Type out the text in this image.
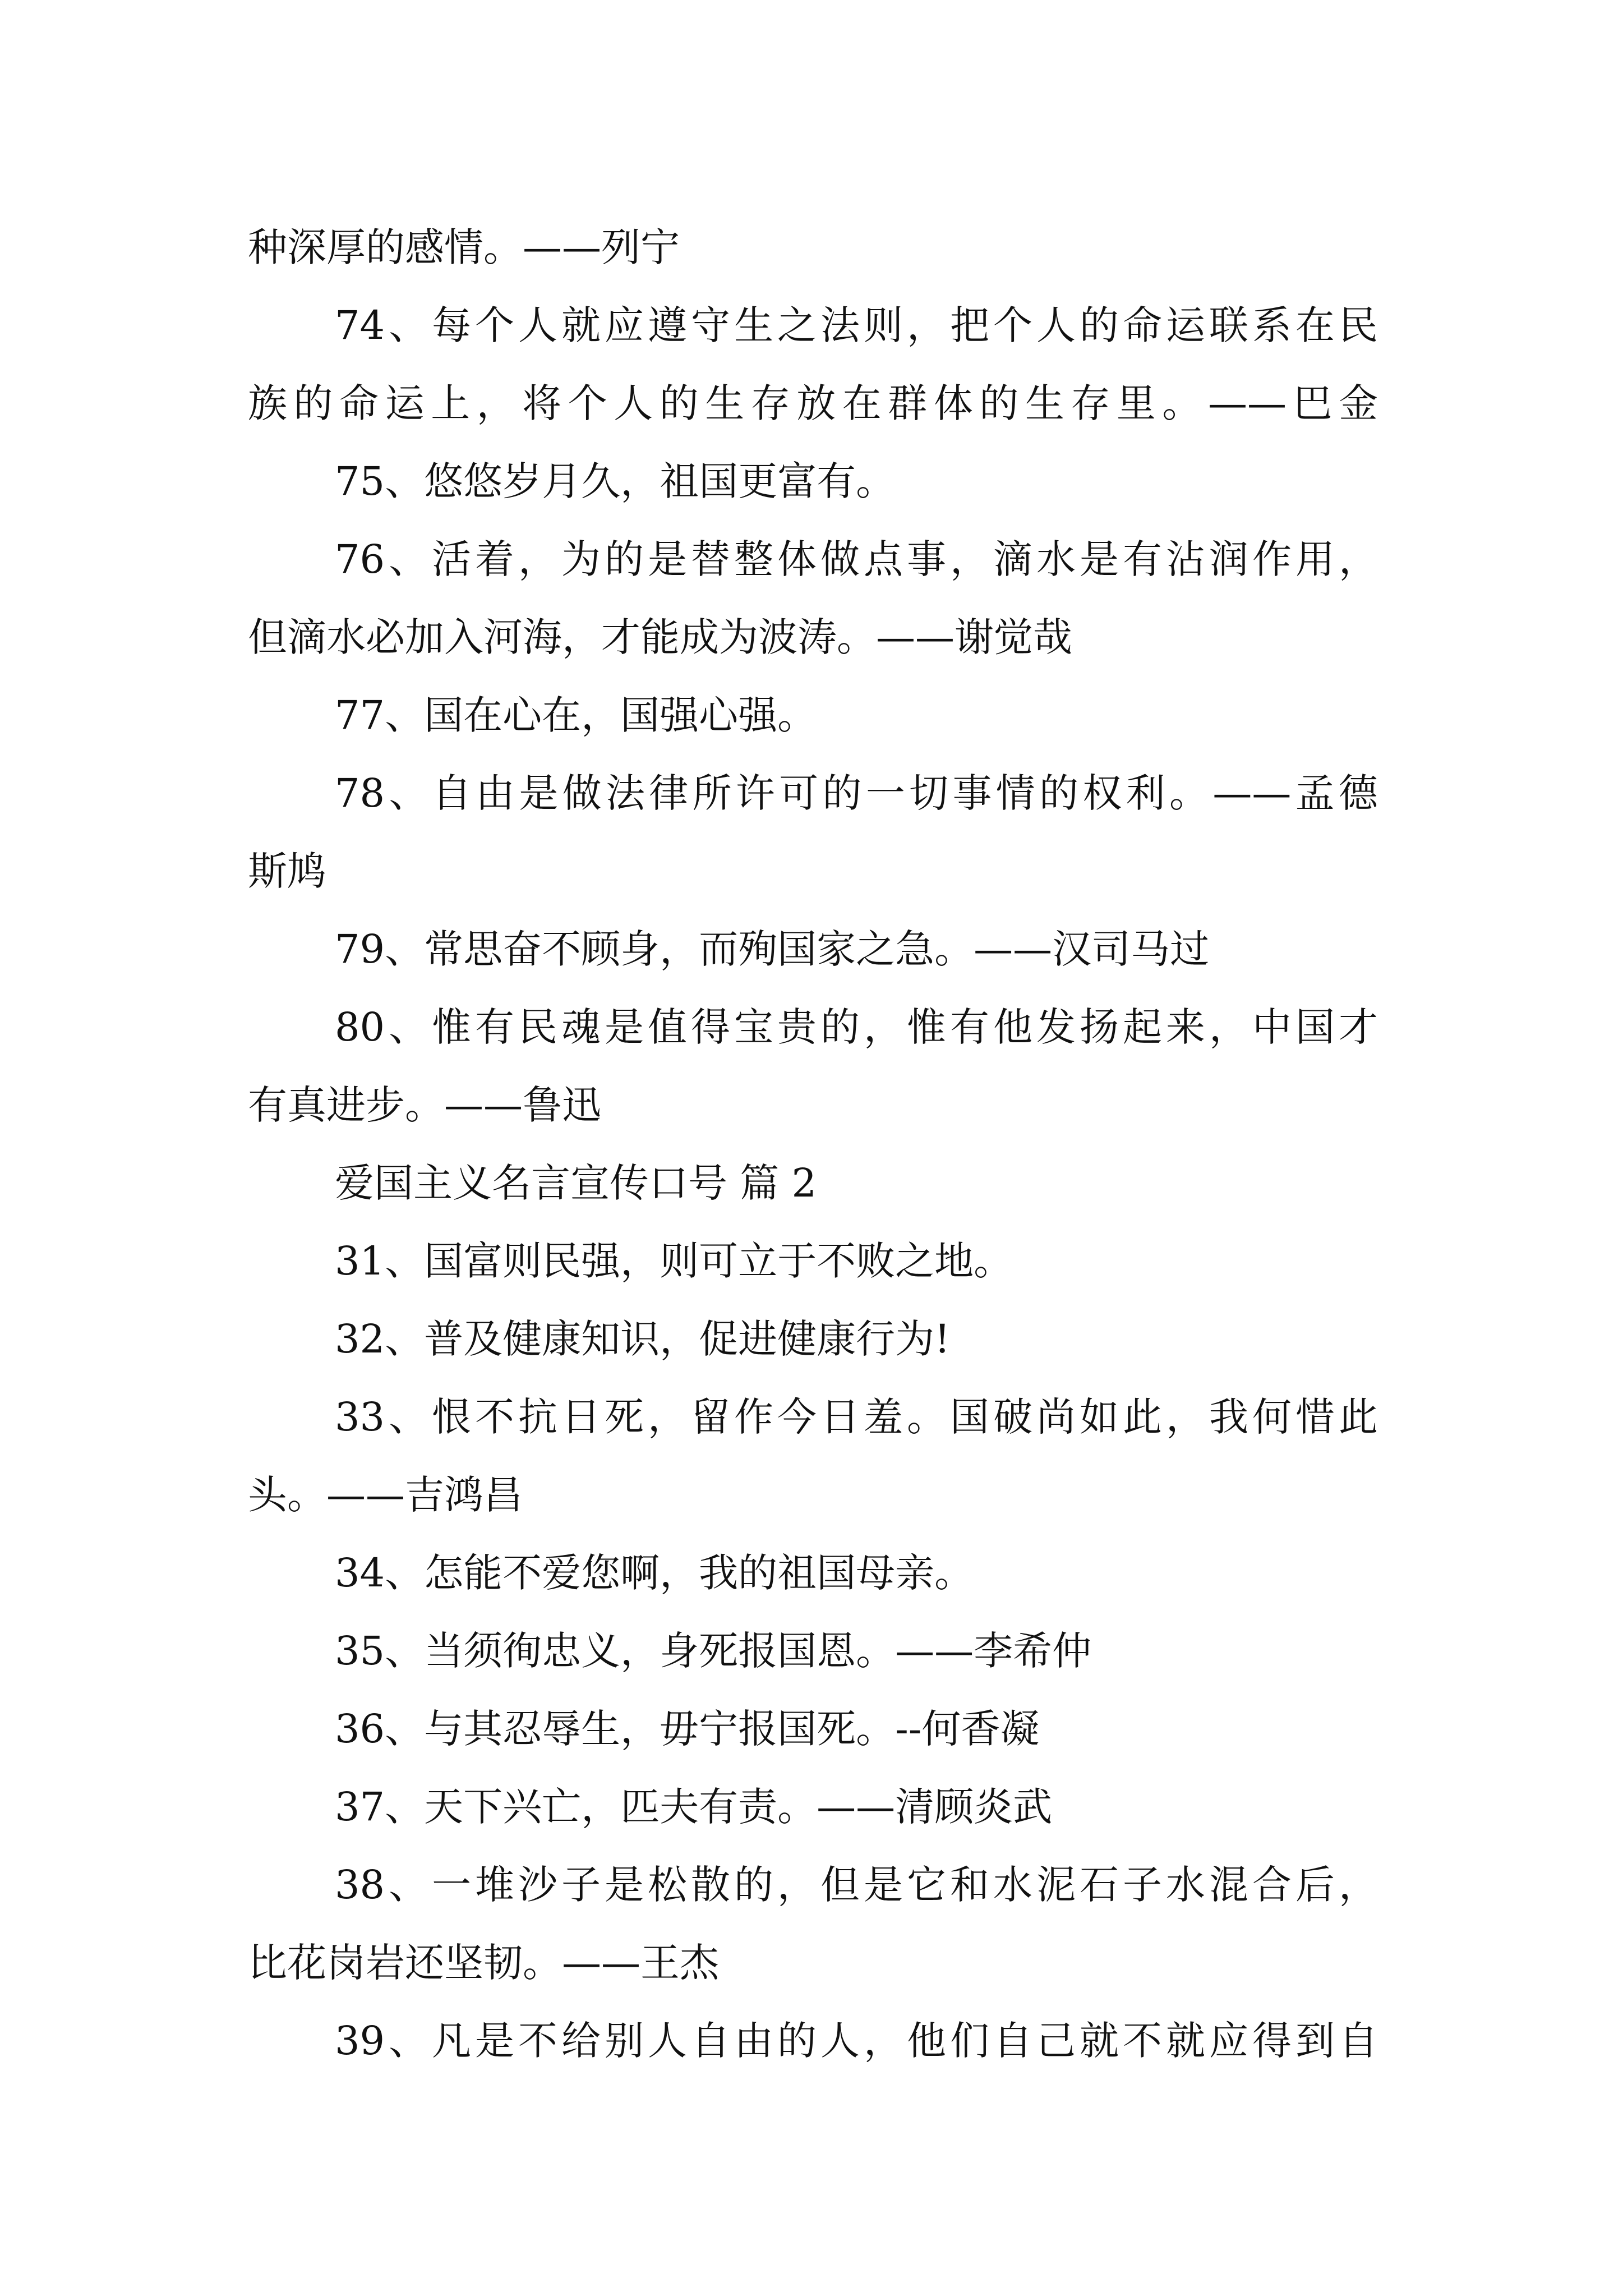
种深厚的感情。——列宁
74、每个人就应遵守生之法则，把个人的命运联系在民
族的命运上，将个人的生存放在群体的生存里。——巴金
75、悠悠岁月久，祖国更富有。
76、活着，为的是替整体做点事，滴水是有沾润作用，
但滴水必加入河海，才能成为波涛。——谢觉哉
77、国在心在，国强心强。
78、自由是做法律所许可的一切事情的权利。——孟德
斯鸠
79、常思奋不顾身，而殉国家之急。——汉司马过
80、惟有民魂是值得宝贵的，惟有他发扬起来，中国才
有真进步。——鲁迅
爱国主义名言宣传口号 篇 2
31、国富则民强，则可立于不败之地。
32、普及健康知识，促进健康行为!
33、恨不抗日死，留作今日羞。国破尚如此，我何惜此
头。——吉鸿昌
34、怎能不爱您啊，我的祖国母亲。
35、当须徇忠义，身死报国恩。——李希仲
36、与其忍辱生，毋宁报国死。--何香凝
37、天下兴亡，匹夫有责。——清顾炎武
38、一堆沙子是松散的，但是它和水泥石子水混合后，
比花岗岩还坚韧。——王杰
39、凡是不给别人自由的人，他们自己就不就应得到自
